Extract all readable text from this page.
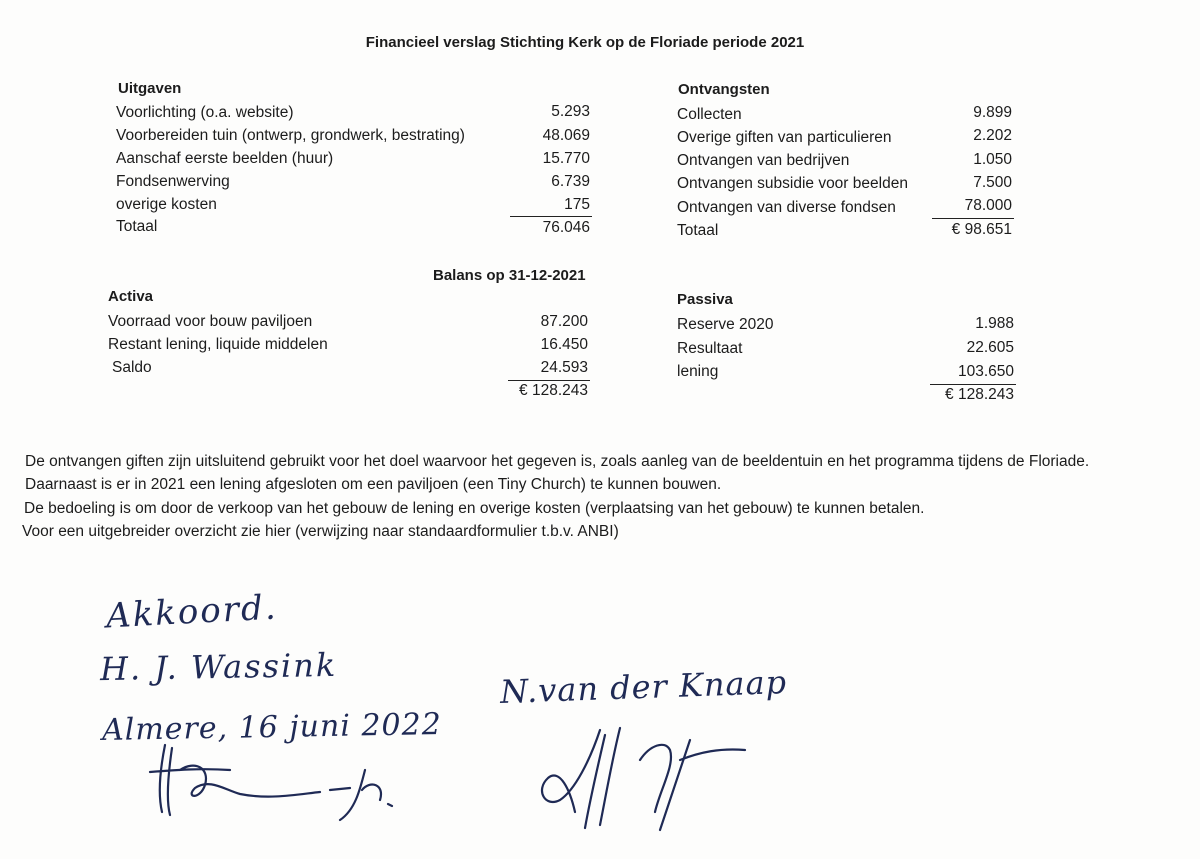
Financieel verslag Stichting Kerk op de Floriade periode 2021
Uitgaven
Voorlichting (o.a. website)	5.293
Voorbereiden tuin (ontwerp, grondwerk, bestrating)	48.069
Aanschaf eerste beelden (huur)	15.770
Fondsenwerving	6.739
overige kosten	175
Totaal	76.046
Ontvangsten
Collecten	9.899
Overige giften van particulieren	2.202
Ontvangen van bedrijven	1.050
Ontvangen subsidie voor beelden	7.500
Ontvangen van diverse fondsen	78.000
Totaal	€ 98.651
Balans op 31-12-2021
Activa
Voorraad voor bouw paviljoen	87.200
Restant lening, liquide middelen	16.450
Saldo	24.593
€ 128.243
Passiva
Reserve 2020	1.988
Resultaat	22.605
lening	103.650
€ 128.243
De ontvangen giften zijn uitsluitend gebruikt voor het doel waarvoor het gegeven is, zoals aanleg van de beeldentuin en het programma tijdens de Floriade.
Daarnaast is er in 2021 een lening afgesloten om een paviljoen (een Tiny Church) te kunnen bouwen.
De bedoeling is om door de verkoop van het gebouw de lening en overige kosten (verplaatsing van het gebouw) te kunnen betalen.
Voor een uitgebreider overzicht zie hier (verwijzing naar standaardformulier t.b.v. ANBI)
Akkoord.
H. J. Wassink
Almere, 16 juni 2022
N.van der Knaap
